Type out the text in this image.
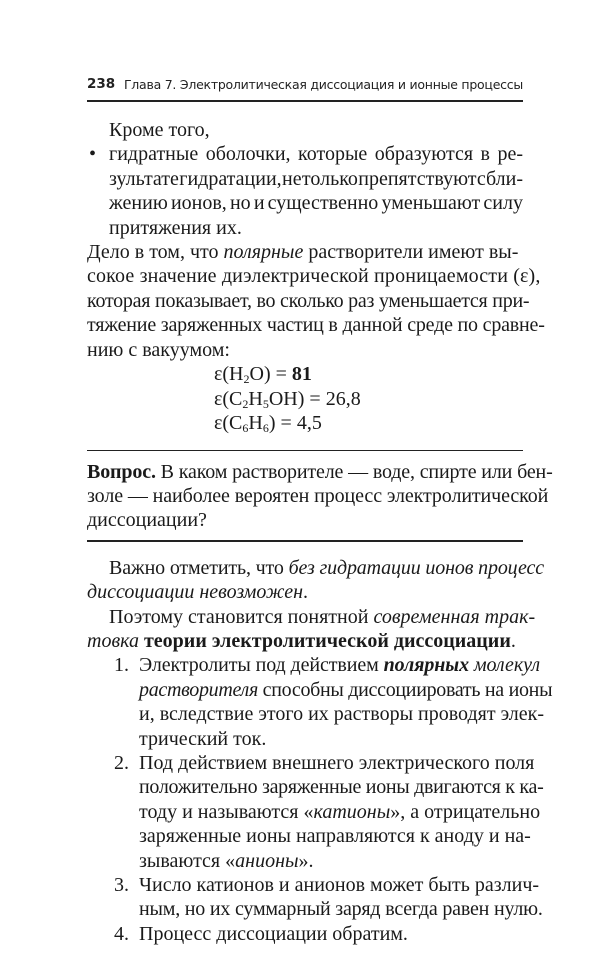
238 Глава 7. Электролитическая диссоциация и ионные процессы
Кроме того,
• гидратные оболочки, которые образуются в ре-
зультате гидратации, не только препятствуют сбли-
жению ионов, но и существенно уменьшают силу
притяжения их.
Дело в том, что полярные растворители имеют вы-
сокое значение диэлектрической проницаемости (ε),
которая показывает, во сколько раз уменьшается при-
тяжение заряженных частиц в данной среде по сравне-
нию с вакуумом:
$\varepsilon(H_2O) = 81$
$\varepsilon(C_2H_5OH) = 26,8$
$\varepsilon(C_6H_6) = 4,5$
Вопрос. В каком растворителе — воде, спирте или бен-
золе — наиболее вероятен процесс электролитической
диссоциации?
Важно отметить, что без гидратации ионов процесс
диссоциации невозможен.
Поэтому становится понятной современная трак-
товка теории электролитической диссоциации.
1. Электролиты под действием полярных молекул
растворителя способны диссоциировать на ионы
и, вследствие этого их растворы проводят элек-
трический ток.
2. Под действием внешнего электрического поля
положительно заряженные ионы двигаются к ка-
тоду и называются «катионы», а отрицательно
заряженные ионы направляются к аноду и на-
зываются «анионы».
3. Число катионов и анионов может быть различ-
ным, но их суммарный заряд всегда равен нулю.
4. Процесс диссоциации обратим.
